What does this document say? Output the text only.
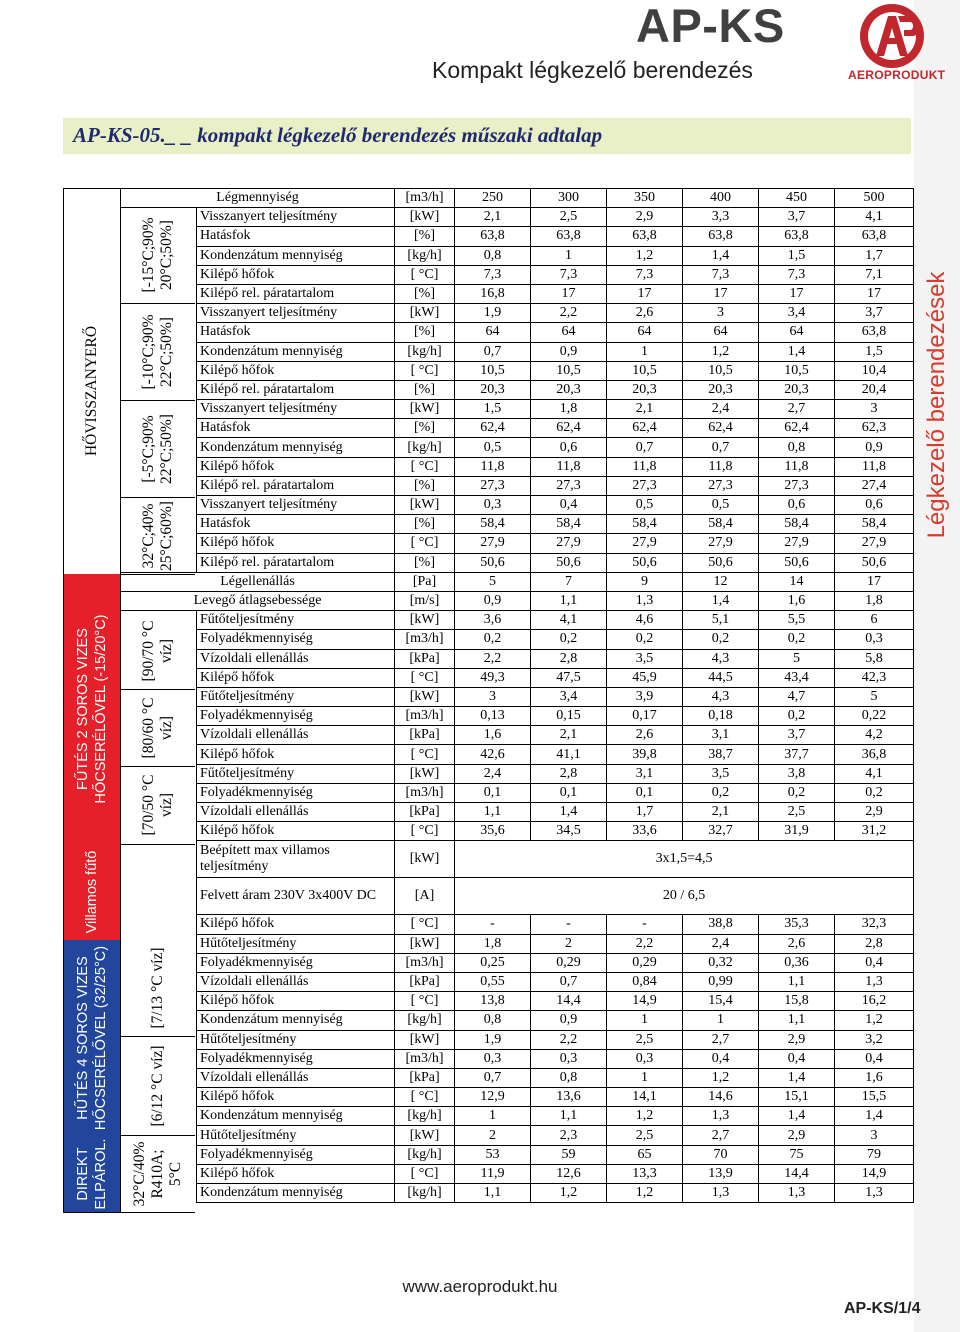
Légkezelő berendezések
AP-KS
Kompakt légkezelő berendezés	AEROPRODUKT
AP-KS-05._ _ kompakt légkezelő berendezés műszaki adtalap
HŐVISSZANYERŐ
FŰTÉS 2 SOROS VIZES HŐCSERÉLŐVEL (-15/20°C)
Villamos fűtő
HŰTÉS 4 SOROS VIZES HŐCSERÉLŐVEL (32/25°C)
DIREKT ELPÁROL.
[-15°C;90%
20°C;50%]
[-10°C;90%
22°C;50%]
[-5°C;90%
22°C;50%]
32°C;40%
25°C;60%]
[90/70 °C
víz]
[80/60 °C
víz]
[70/50 °C
víz]
[7/13 °C víz]
[6/12 °C víz]
32°C/40%
R410A;
5°C
Légmennyiség		[m3/h]	250	300	350	400	450	500
	Visszanyert teljesítmény	[kW]	2,1	2,5	2,9	3,3	3,7	4,1
	Hatásfok	[%]	63,8	63,8	63,8	63,8	63,8	63,8
	Kondenzátum mennyiség	[kg/h]	0,8	1	1,2	1,4	1,5	1,7
	Kilépő hőfok	[ °C]	7,3	7,3	7,3	7,3	7,3	7,1
	Kilépő rel. páratartalom	[%]	16,8	17	17	17	17	17
	Visszanyert teljesítmény	[kW]	1,9	2,2	2,6	3	3,4	3,7
	Hatásfok	[%]	64	64	64	64	64	63,8
	Kondenzátum mennyiség	[kg/h]	0,7	0,9	1	1,2	1,4	1,5
	Kilépő hőfok	[ °C]	10,5	10,5	10,5	10,5	10,5	10,4
	Kilépő rel. páratartalom	[%]	20,3	20,3	20,3	20,3	20,3	20,4
	Visszanyert teljesítmény	[kW]	1,5	1,8	2,1	2,4	2,7	3
	Hatásfok	[%]	62,4	62,4	62,4	62,4	62,4	62,3
	Kondenzátum mennyiség	[kg/h]	0,5	0,6	0,7	0,7	0,8	0,9
	Kilépő hőfok	[ °C]	11,8	11,8	11,8	11,8	11,8	11,8
	Kilépő rel. páratartalom	[%]	27,3	27,3	27,3	27,3	27,3	27,4
	Visszanyert teljesítmény	[kW]	0,3	0,4	0,5	0,5	0,6	0,6
	Hatásfok	[%]	58,4	58,4	58,4	58,4	58,4	58,4
	Kilépő hőfok	[ °C]	27,9	27,9	27,9	27,9	27,9	27,9
	Kilépő rel. páratartalom	[%]	50,6	50,6	50,6	50,6	50,6	50,6
Légellenállás		[Pa]	5	7	9	12	14	17
Levegő átlagsebessége		[m/s]	0,9	1,1	1,3	1,4	1,6	1,8
	Fűtőteljesítmény	[kW]	3,6	4,1	4,6	5,1	5,5	6
	Folyadékmennyiség	[m3/h]	0,2	0,2	0,2	0,2	0,2	0,3
	Vízoldali ellenállás	[kPa]	2,2	2,8	3,5	4,3	5	5,8
	Kilépő hőfok	[ °C]	49,3	47,5	45,9	44,5	43,4	42,3
	Fűtőteljesítmény	[kW]	3	3,4	3,9	4,3	4,7	5
	Folyadékmennyiség	[m3/h]	0,13	0,15	0,17	0,18	0,2	0,22
	Vízoldali ellenállás	[kPa]	1,6	2,1	2,6	3,1	3,7	4,2
	Kilépő hőfok	[ °C]	42,6	41,1	39,8	38,7	37,7	36,8
	Fűtőteljesítmény	[kW]	2,4	2,8	3,1	3,5	3,8	4,1
	Folyadékmennyiség	[m3/h]	0,1	0,1	0,1	0,2	0,2	0,2
	Vízoldali ellenállás	[kPa]	1,1	1,4	1,7	2,1	2,5	2,9
	Kilépő hőfok	[ °C]	35,6	34,5	33,6	32,7	31,9	31,2
	Beépített max villamos teljesítmény	[kW]	3x1,5=4,5					
	Felvett áram 230V 3x400V DC	[A]	20 / 6,5					
	Kilépő hőfok	[ °C]	-	-	-	38,8	35,3	32,3
	Hűtőteljesítmény	[kW]	1,8	2	2,2	2,4	2,6	2,8
	Folyadékmennyiség	[m3/h]	0,25	0,29	0,29	0,32	0,36	0,4
	Vízoldali ellenállás	[kPa]	0,55	0,7	0,84	0,99	1,1	1,3
	Kilépő hőfok	[ °C]	13,8	14,4	14,9	15,4	15,8	16,2
	Kondenzátum mennyiség	[kg/h]	0,8	0,9	1	1	1,1	1,2
	Hűtőteljesítmény	[kW]	1,9	2,2	2,5	2,7	2,9	3,2
	Folyadékmennyiség	[m3/h]	0,3	0,3	0,3	0,4	0,4	0,4
	Vízoldali ellenállás	[kPa]	0,7	0,8	1	1,2	1,4	1,6
	Kilépő hőfok	[ °C]	12,9	13,6	14,1	14,6	15,1	15,5
	Kondenzátum mennyiség	[kg/h]	1	1,1	1,2	1,3	1,4	1,4
	Hűtőteljesítmény	[kW]	2	2,3	2,5	2,7	2,9	3
	Folyadékmennyiség	[kg/h]	53	59	65	70	75	79
	Kilépő hőfok	[ °C]	11,9	12,6	13,3	13,9	14,4	14,9
	Kondenzátum mennyiség	[kg/h]	1,1	1,2	1,2	1,3	1,3	1,3
www.aeroprodukt.hu
AP-KS/1/4
